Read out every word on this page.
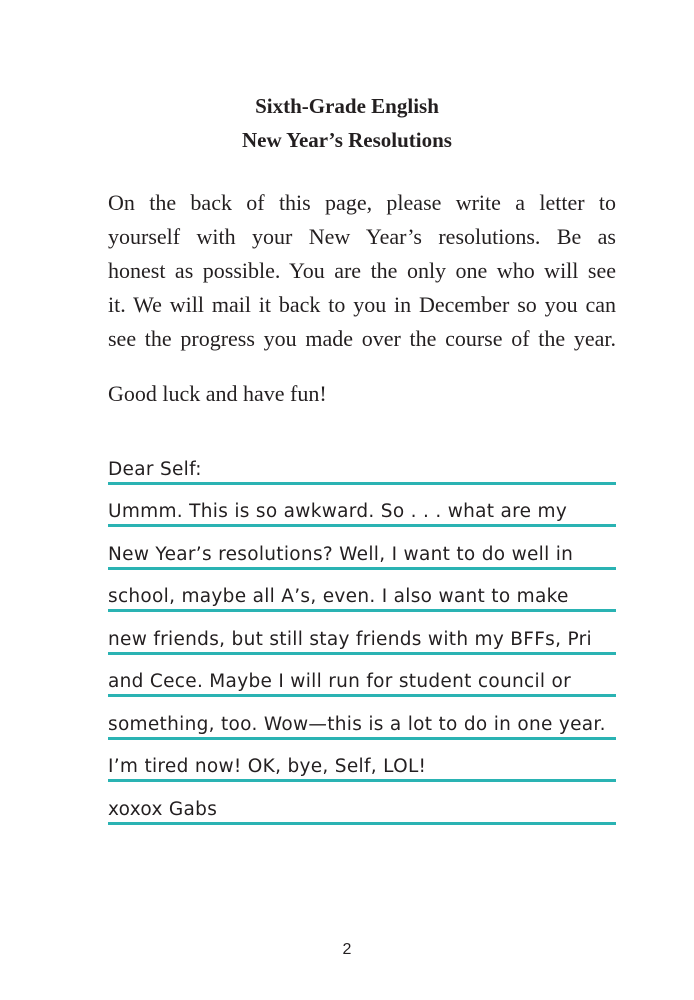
Sixth-Grade English
New Year’s Resolutions
On the back of this page, please write a letter to
yourself with your New Year’s resolutions. Be as
honest as possible. You are the only one who will see
it. We will mail it back to you in December so you can
see the progress you made over the course of the year.
Good luck and have fun!
Dear Self:
Ummm. This is so awkward. So . . . what are my
New Year’s resolutions? Well, I want to do well in
school, maybe all A’s, even. I also want to make
new friends, but still stay friends with my BFFs, Pri
and Cece. Maybe I will run for student council or
something, too. Wow—this is a lot to do in one year.
I’m tired now! OK, bye, Self, LOL!
xoxox Gabs
2
